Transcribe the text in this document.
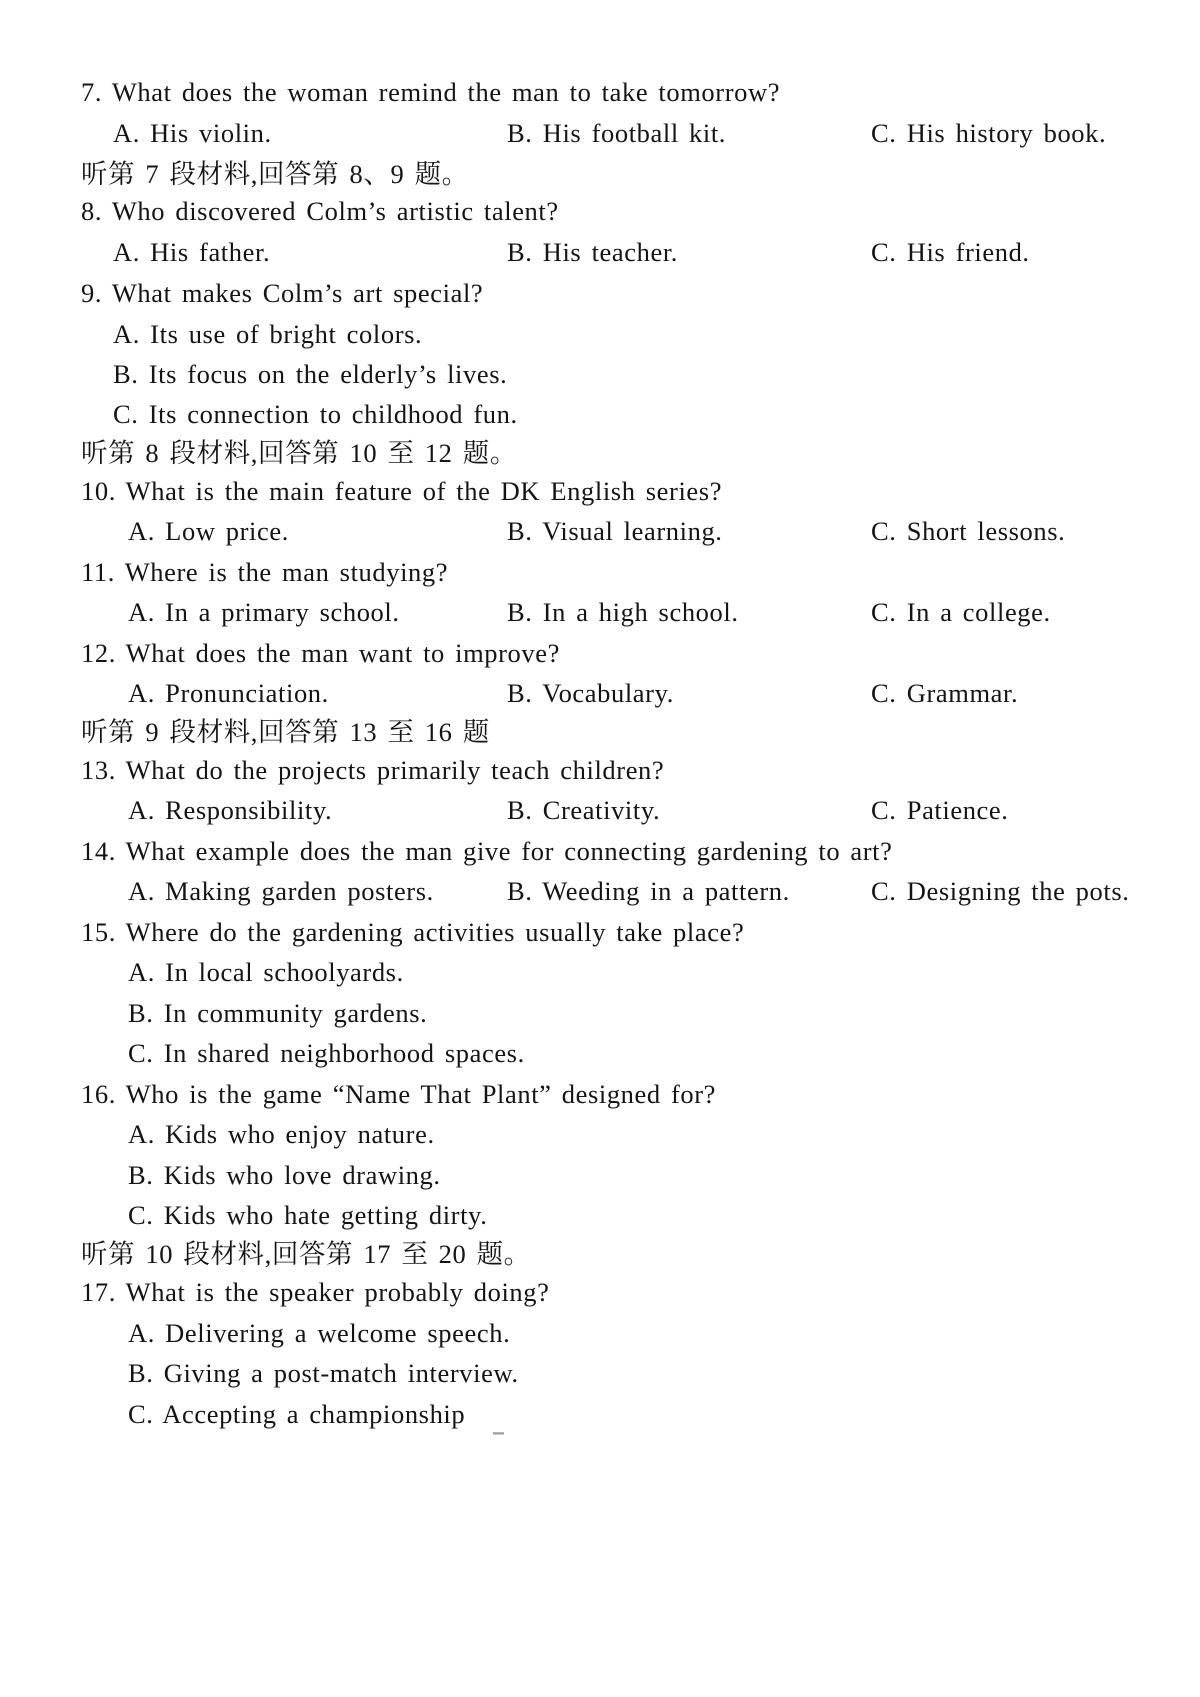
7. What does the woman remind the man to take tomorrow?
A. His violin.	B. His football kit.	C. His history book.
听第 7 段材料,回答第 8、9 题。
8. Who discovered Colm’s artistic talent?
A. His father.	B. His teacher.	C. His friend.
9. What makes Colm’s art special?
A. Its use of bright colors.
B. Its focus on the elderly’s lives.
C. Its connection to childhood fun.
听第 8 段材料,回答第 10 至 12 题。
10. What is the main feature of the DK English series?
A. Low price.	B. Visual learning.	C. Short lessons.
11. Where is the man studying?
A. In a primary school.	B. In a high school.	C. In a college.
12. What does the man want to improve?
A. Pronunciation.	B. Vocabulary.	C. Grammar.
听第 9 段材料,回答第 13 至 16 题
13. What do the projects primarily teach children?
A. Responsibility.	B. Creativity.	C. Patience.
14. What example does the man give for connecting gardening to art?
A. Making garden posters.	B. Weeding in a pattern.	C. Designing the pots.
15. Where do the gardening activities usually take place?
A. In local schoolyards.
B. In community gardens.
C. In shared neighborhood spaces.
16. Who is the game “Name That Plant” designed for?
A. Kids who enjoy nature.
B. Kids who love drawing.
C. Kids who hate getting dirty.
听第 10 段材料,回答第 17 至 20 题。
17. What is the speaker probably doing?
A. Delivering a welcome speech.
B. Giving a post-match interview.
C. Accepting a championship ▁
